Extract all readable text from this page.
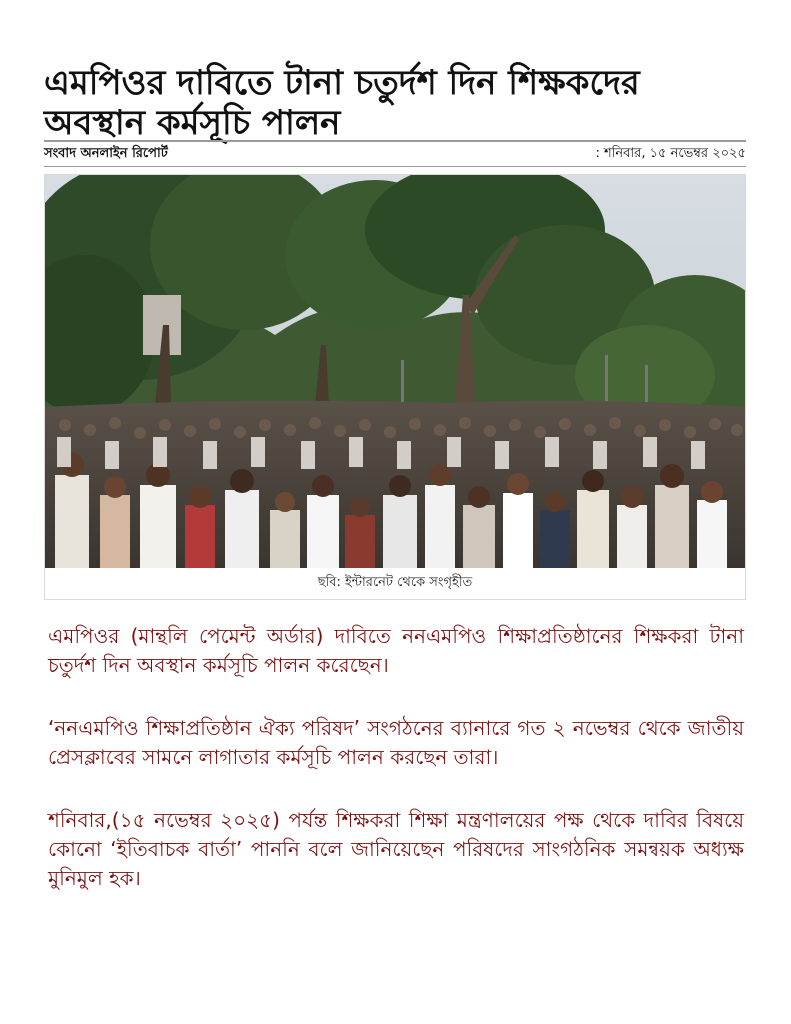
এমপিওর দাবিতে টানা চতুর্দশ দিন শিক্ষকদের অবস্থান কর্মসূচি পালন
সংবাদ অনলাইন রিপোর্ট	: শনিবার, ১৫ নভেম্বর ২০২৫
ছবি: ইন্টারনেট থেকে সংগৃহীত

এমপিওর (মান্থলি পেমেন্ট অর্ডার) দাবিতে ননএমপিও শিক্ষাপ্রতিষ্ঠানের শিক্ষকরা টানা চতুর্দশ দিন অবস্থান কর্মসূচি পালন করেছেন।

‘ননএমপিও শিক্ষাপ্রতিষ্ঠান ঐক্য পরিষদ’ সংগঠনের ব্যানারে গত ২ নভেম্বর থেকে জাতীয় প্রেসক্লাবের সামনে লাগাতার কর্মসূচি পালন করছেন তারা।

শনিবার,(১৫ নভেম্বর ২০২৫) পর্যন্ত শিক্ষকরা শিক্ষা মন্ত্রণালয়ের পক্ষ থেকে দাবির বিষয়ে কোনো ‘ইতিবাচক বার্তা’ পাননি বলে জানিয়েছেন পরিষদের সাংগঠনিক সমন্বয়ক অধ্যক্ষ মুনিমুল হক।
